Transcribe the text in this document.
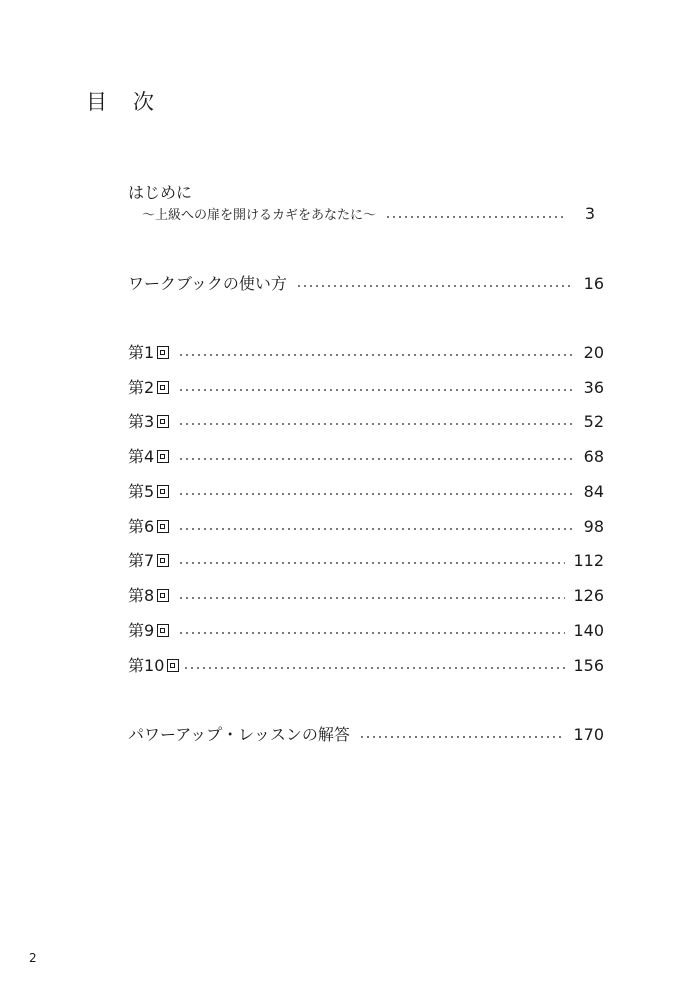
目 次
はじめに
〜上級への扉を開けるカギをあなたに〜	3
ワークブックの使い方	16
第1	20
第2	36
第3	52
第4	68
第5	84
第6	98
第7	112
第8	126
第9	140
第10	156
パワーアップ・レッスンの解答	170
2
